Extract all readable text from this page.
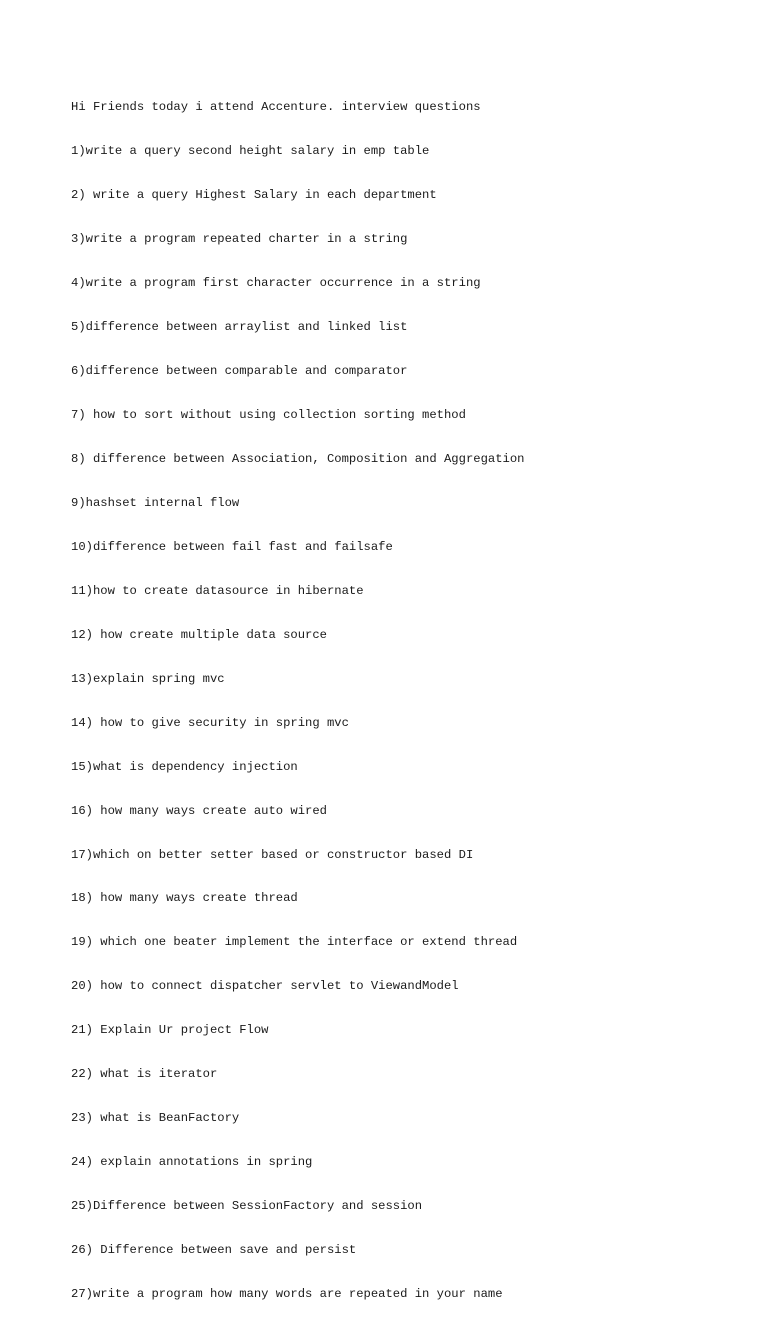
Hi Friends today i attend Accenture. interview questions

1)write a query second height salary in emp table

2) write a query Highest Salary in each department

3)write a program repeated charter in a string

4)write a program first character occurrence in a string

5)difference between arraylist and linked list

6)difference between comparable and comparator

7) how to sort without using collection sorting method

8) difference between Association, Composition and Aggregation

9)hashset internal flow

10)difference between fail fast and failsafe

11)how to create datasource in hibernate

12) how create multiple data source

13)explain spring mvc

14) how to give security in spring mvc

15)what is dependency injection

16) how many ways create auto wired

17)which on better setter based or constructor based DI

18) how many ways create thread

19) which one beater implement the interface or extend thread

20) how to connect dispatcher servlet to ViewandModel

21) Explain Ur project Flow

22) what is iterator

23) what is BeanFactory

24) explain annotations in spring

25)Difference between SessionFactory and session

26) Difference between save and persist

27)write a program how many words are repeated in your name
